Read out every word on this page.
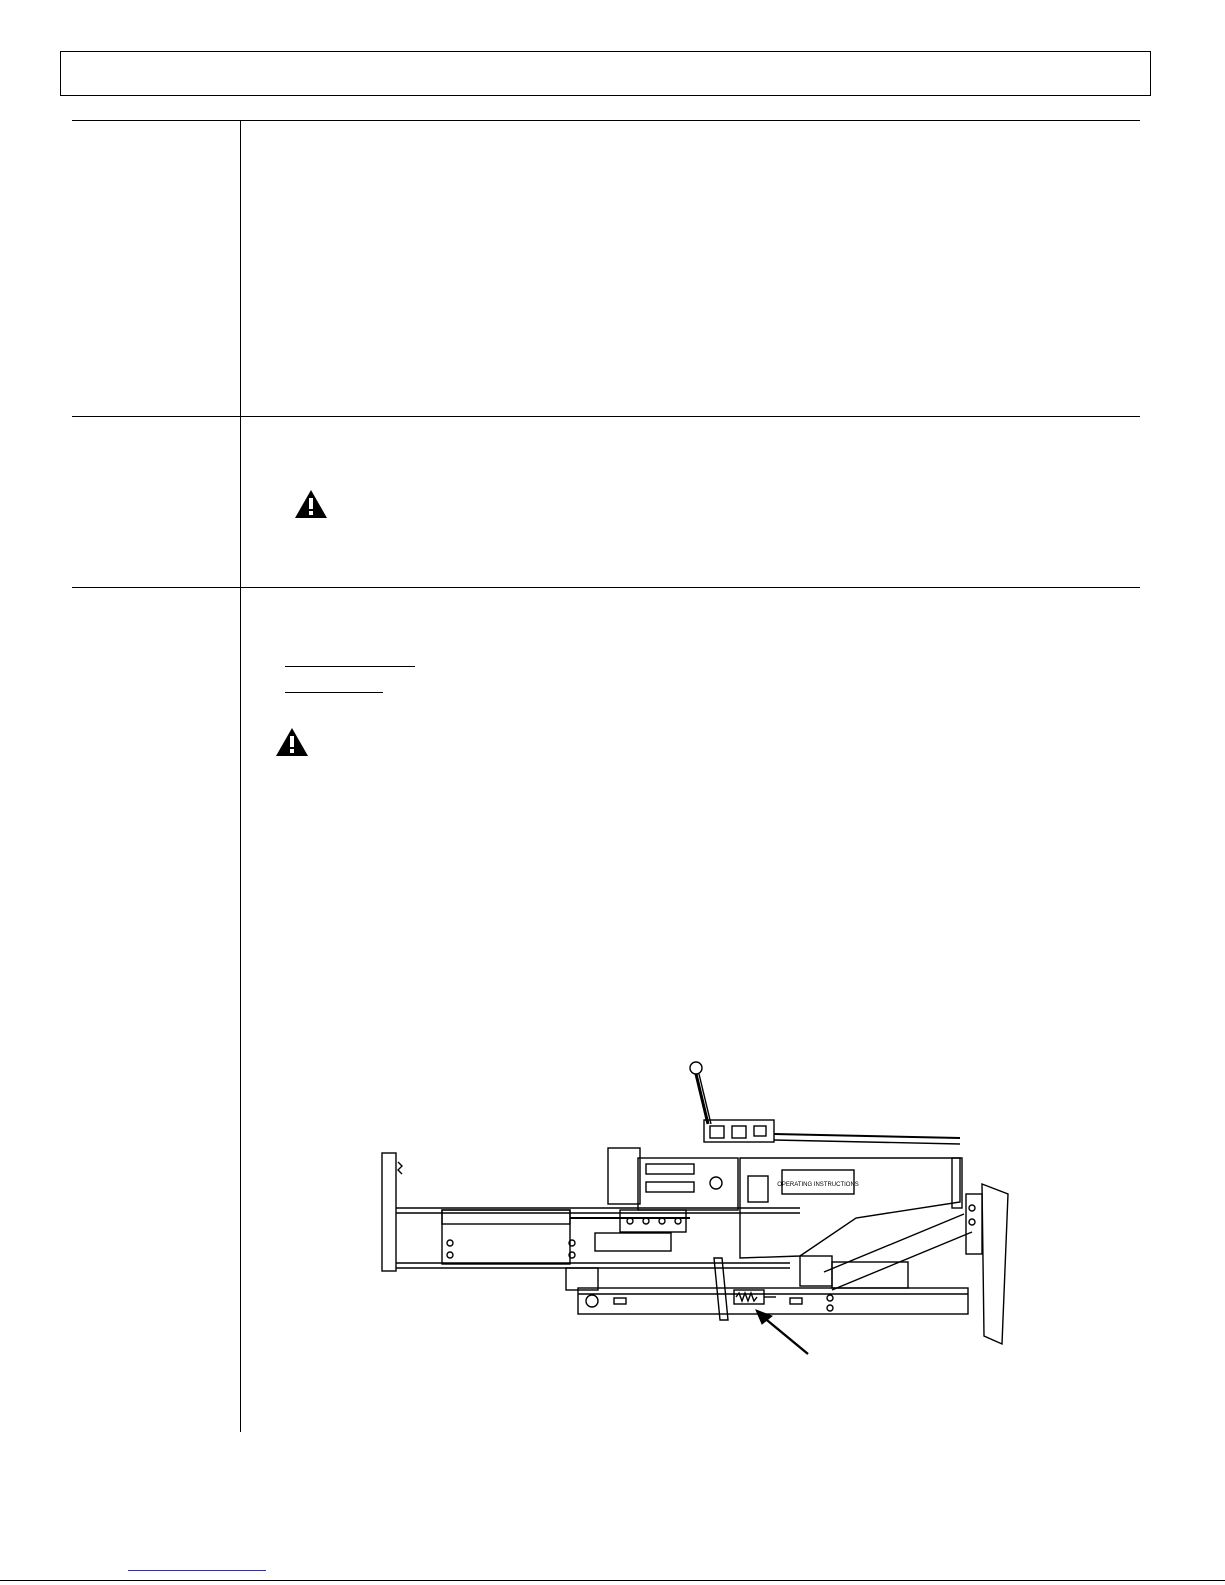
OPERATING INSTRUCTIONS
